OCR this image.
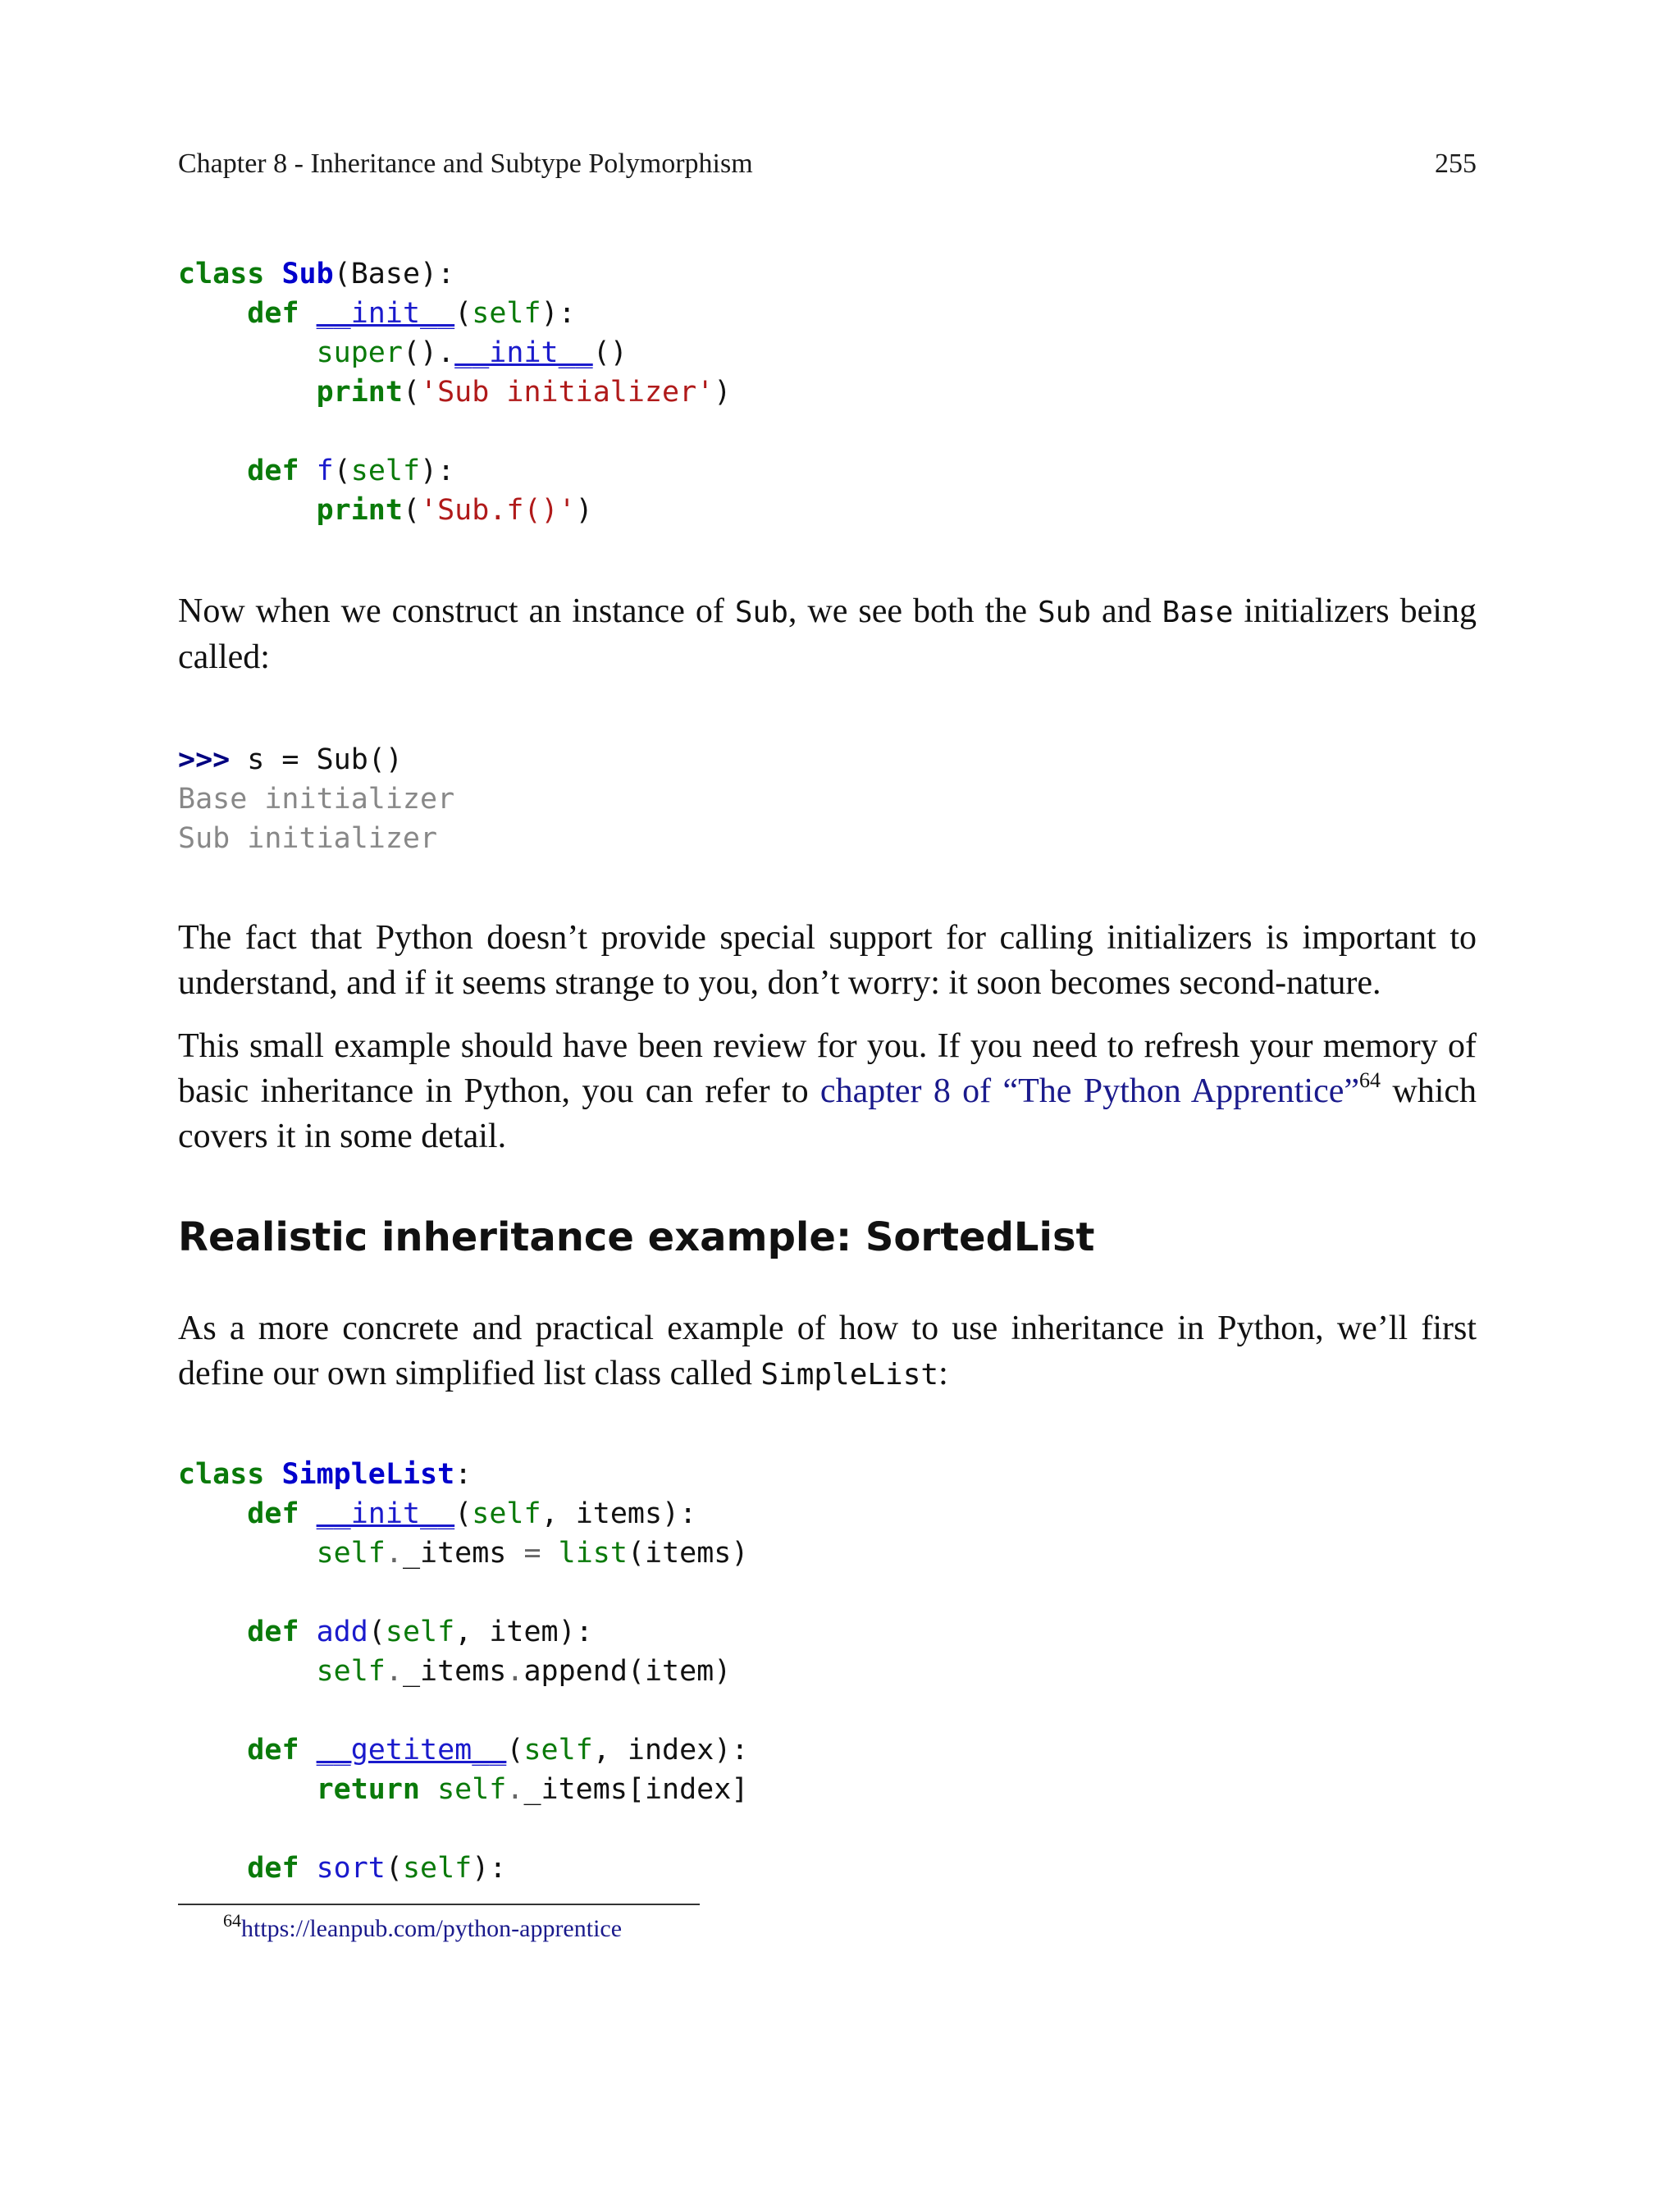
Chapter 8 - Inheritance and Subtype Polymorphism	255
class Sub(Base):
def __init__(self):
super().__init__()
print('Sub initializer')

def f(self):
print('Sub.f()')

Now when we construct an instance of Sub, we see both the Sub and Base initializers being called:

>>> s = Sub()
Base initializer
Sub initializer

The fact that Python doesn’t provide special support for calling initializers is important to understand, and if it seems strange to you, don’t worry: it soon becomes second-nature.

This small example should have been review for you. If you need to refresh your memory of basic inheritance in Python, you can refer to chapter 8 of “The Python Apprentice”$^{64}$ which covers it in some detail.

Realistic inheritance example: SortedList

As a more concrete and practical example of how to use inheritance in Python, we’ll first define our own simplified list class called SimpleList:

class SimpleList:
def __init__(self, items):
self._items = list(items)

def add(self, item):
self._items.append(item)

def __getitem__(self, index):
return self._items[index]

def sort(self):

$^{64}$https://leanpub.com/python-apprentice
